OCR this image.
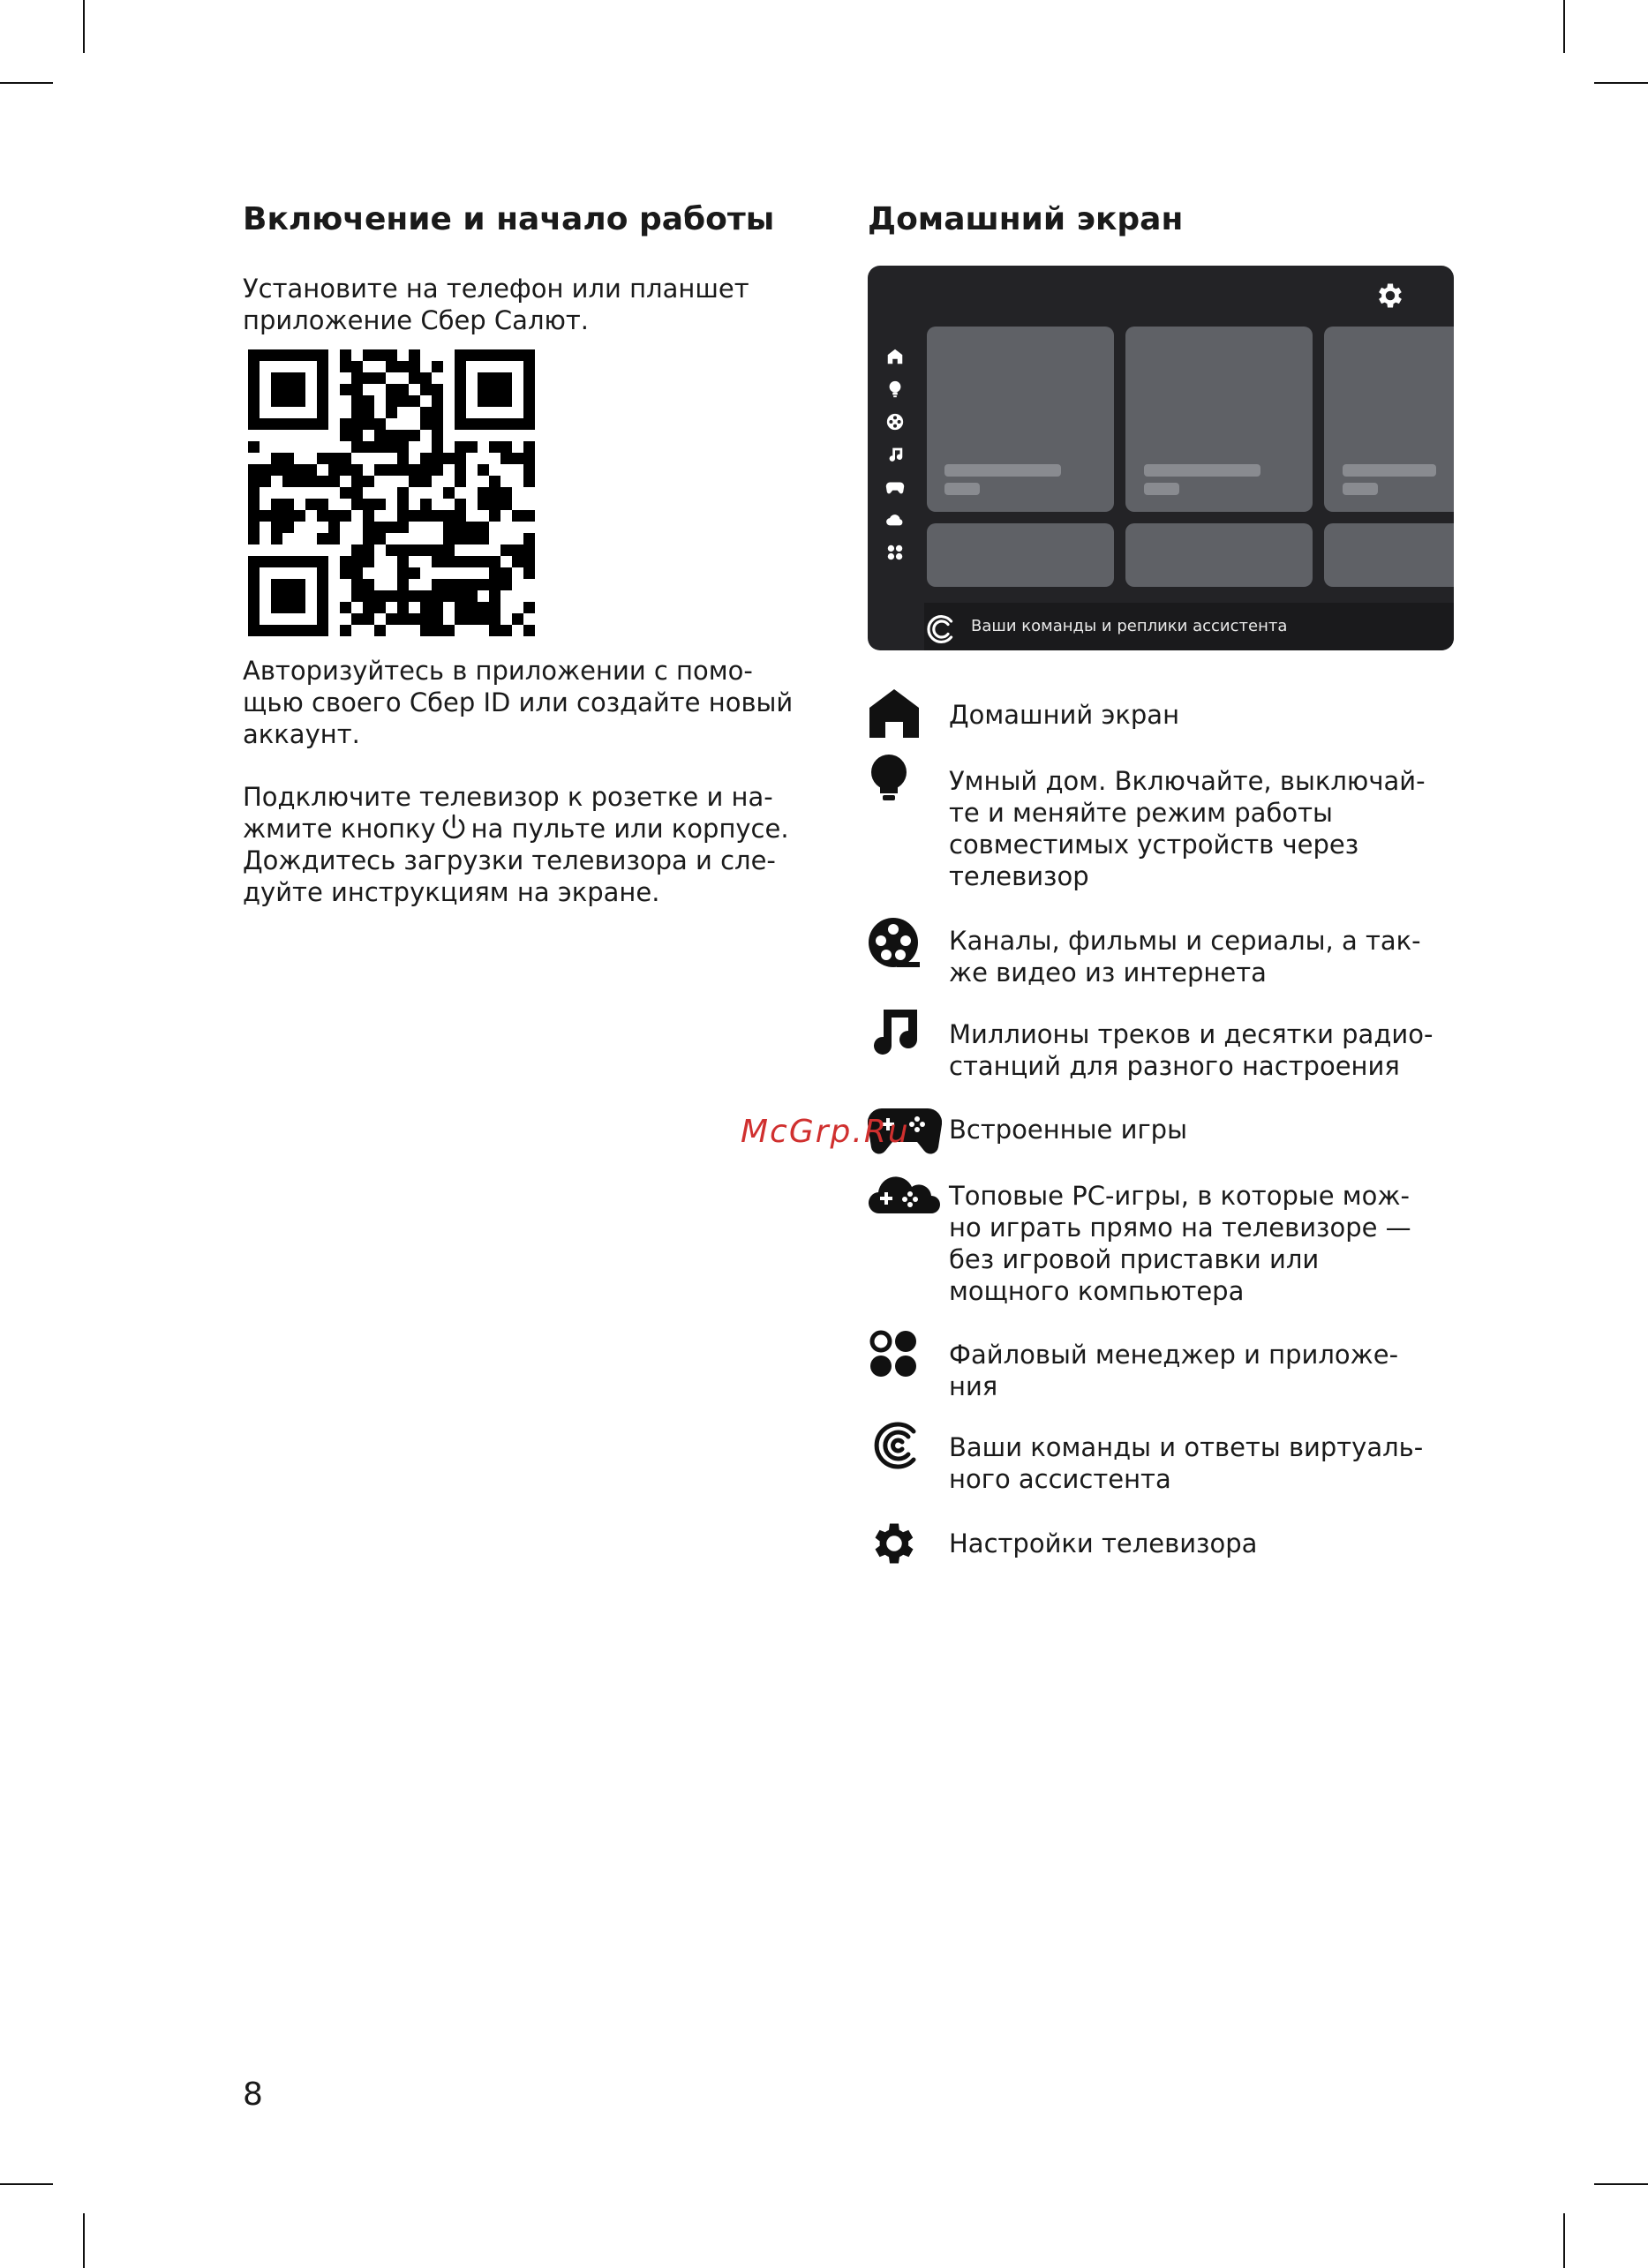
Включение и начало работы

Установите на телефон или планшет
приложение Сбер Салют.

Авторизуйтесь в приложении с помо-
щью своего Сбер ID или создайте новый
аккаунт.

Подключите телевизор к розетке и на-
жмите кнопку на пульте или корпусе.
Дождитесь загрузки телевизора и сле-
дуйте инструкциям на экране.

Домашний экран
Ваши команды и реплики ассистента
Домашний экран
Умный дом. Включайте, выключай-
те и меняйте режим работы
совместимых устройств через
телевизор
Каналы, фильмы и сериалы, а так-
же видео из интернета
Миллионы треков и десятки радио-
станций для разного настроения
Встроенные игры
Топовые PC-игры, в которые мож-
но играть прямо на телевизоре —
без игровой приставки или
мощного компьютера
Файловый менеджер и приложе-
ния
Ваши команды и ответы виртуаль-
ного ассистента
Настройки телевизора
McGrp.Ru
8
